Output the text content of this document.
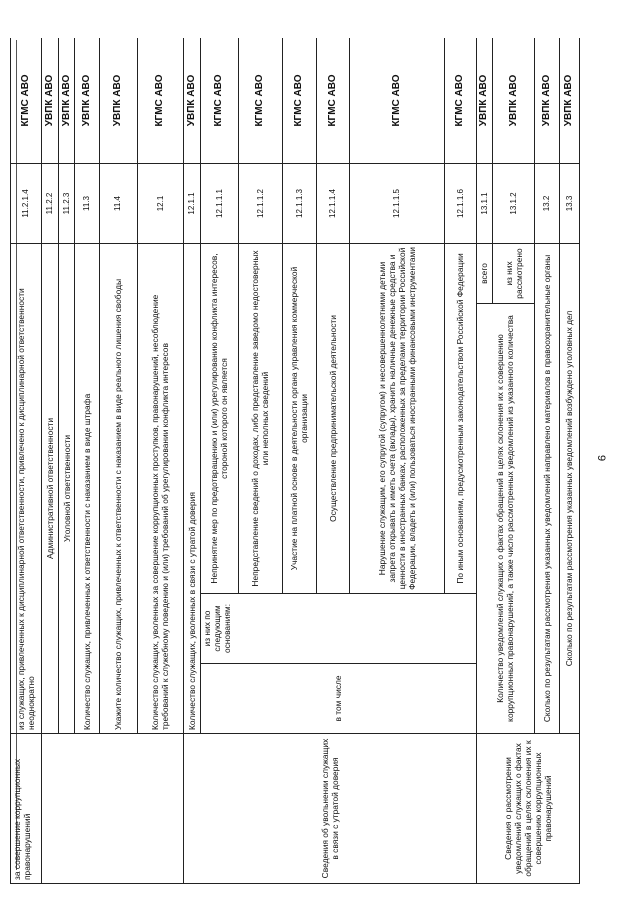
за совершение коррупционных правонарушений	из служащих, привлеченных к дисциплинарной ответственности, привлечено к дисциплинарной ответственности неоднократно				11.2.1.4	КГМС АВО
	Административной ответственности				11.2.2	УВПК АВО
	Уголовной ответственности				11.2.3	УВПК АВО
	Количество служащих, привлеченных к ответственности с наказанием в виде штрафа				11.3	УВПК АВО
	Укажите количество служащих, привлеченных к ответственности с наказанием в виде реального лишения свободы				11.4	УВПК АВО
	Количество служащих, уволенных за совершение коррупционных проступков, правонарушений, несоблюдение требований к служебному поведению и (или) требований об урегулировании конфликта интересов				12.1	КГМС АВО
Сведения об увольнении служащих в связи с утратой доверия	Количество служащих, уволенных в связи с утратой доверия				12.1.1	УВПК АВО
	в том числе	из них по следующим основаниям:	Непринятие мер по предотвращению и (или) урегулированию конфликта интересов, стороной которого он является		12.1.1.1	КГМС АВО
			Непредставление сведений о доходах, либо представление заведомо недостоверных или неполных сведений		12.1.1.2	КГМС АВО
			Участие на платной основе в деятельности органа управления коммерческой организации		12.1.1.3	КГМС АВО
			Осуществление предпринимательской деятельности		12.1.1.4	КГМС АВО
			Нарушение служащим, его супругой (супругом) и несовершеннолетними детьми запрета открывать и иметь счета (вклады), хранить наличные денежные средства и ценности в иностранных банках, расположенных за пределами территории Российской Федерации, владеть и (или) пользоваться иностранными финансовыми инструментами		12.1.1.5	КГМС АВО
			По иным основаниям, предусмотренным законодательством Российской Федерации		12.1.1.6	КГМС АВО
Сведения о рассмотрении уведомлений служащих о фактах обращений в целях склонения их к совершению коррупционных правонарушений	Количество уведомлений служащих о фактах обращений в целях склонения их к совершению коррупционных правонарушений, а также число рассмотренных уведомлений из указанного количества			всего	13.1.1	УВПК АВО
				из них рассмотрено	13.1.2	УВПК АВО
	Сколько по результатам рассмотрения указанных уведомлений направлено материалов в правоохранительные органы				13.2	УВПК АВО
	Сколько по результатам рассмотрения указанных уведомлений возбуждено уголовных дел				13.3	УВПК АВО
9
